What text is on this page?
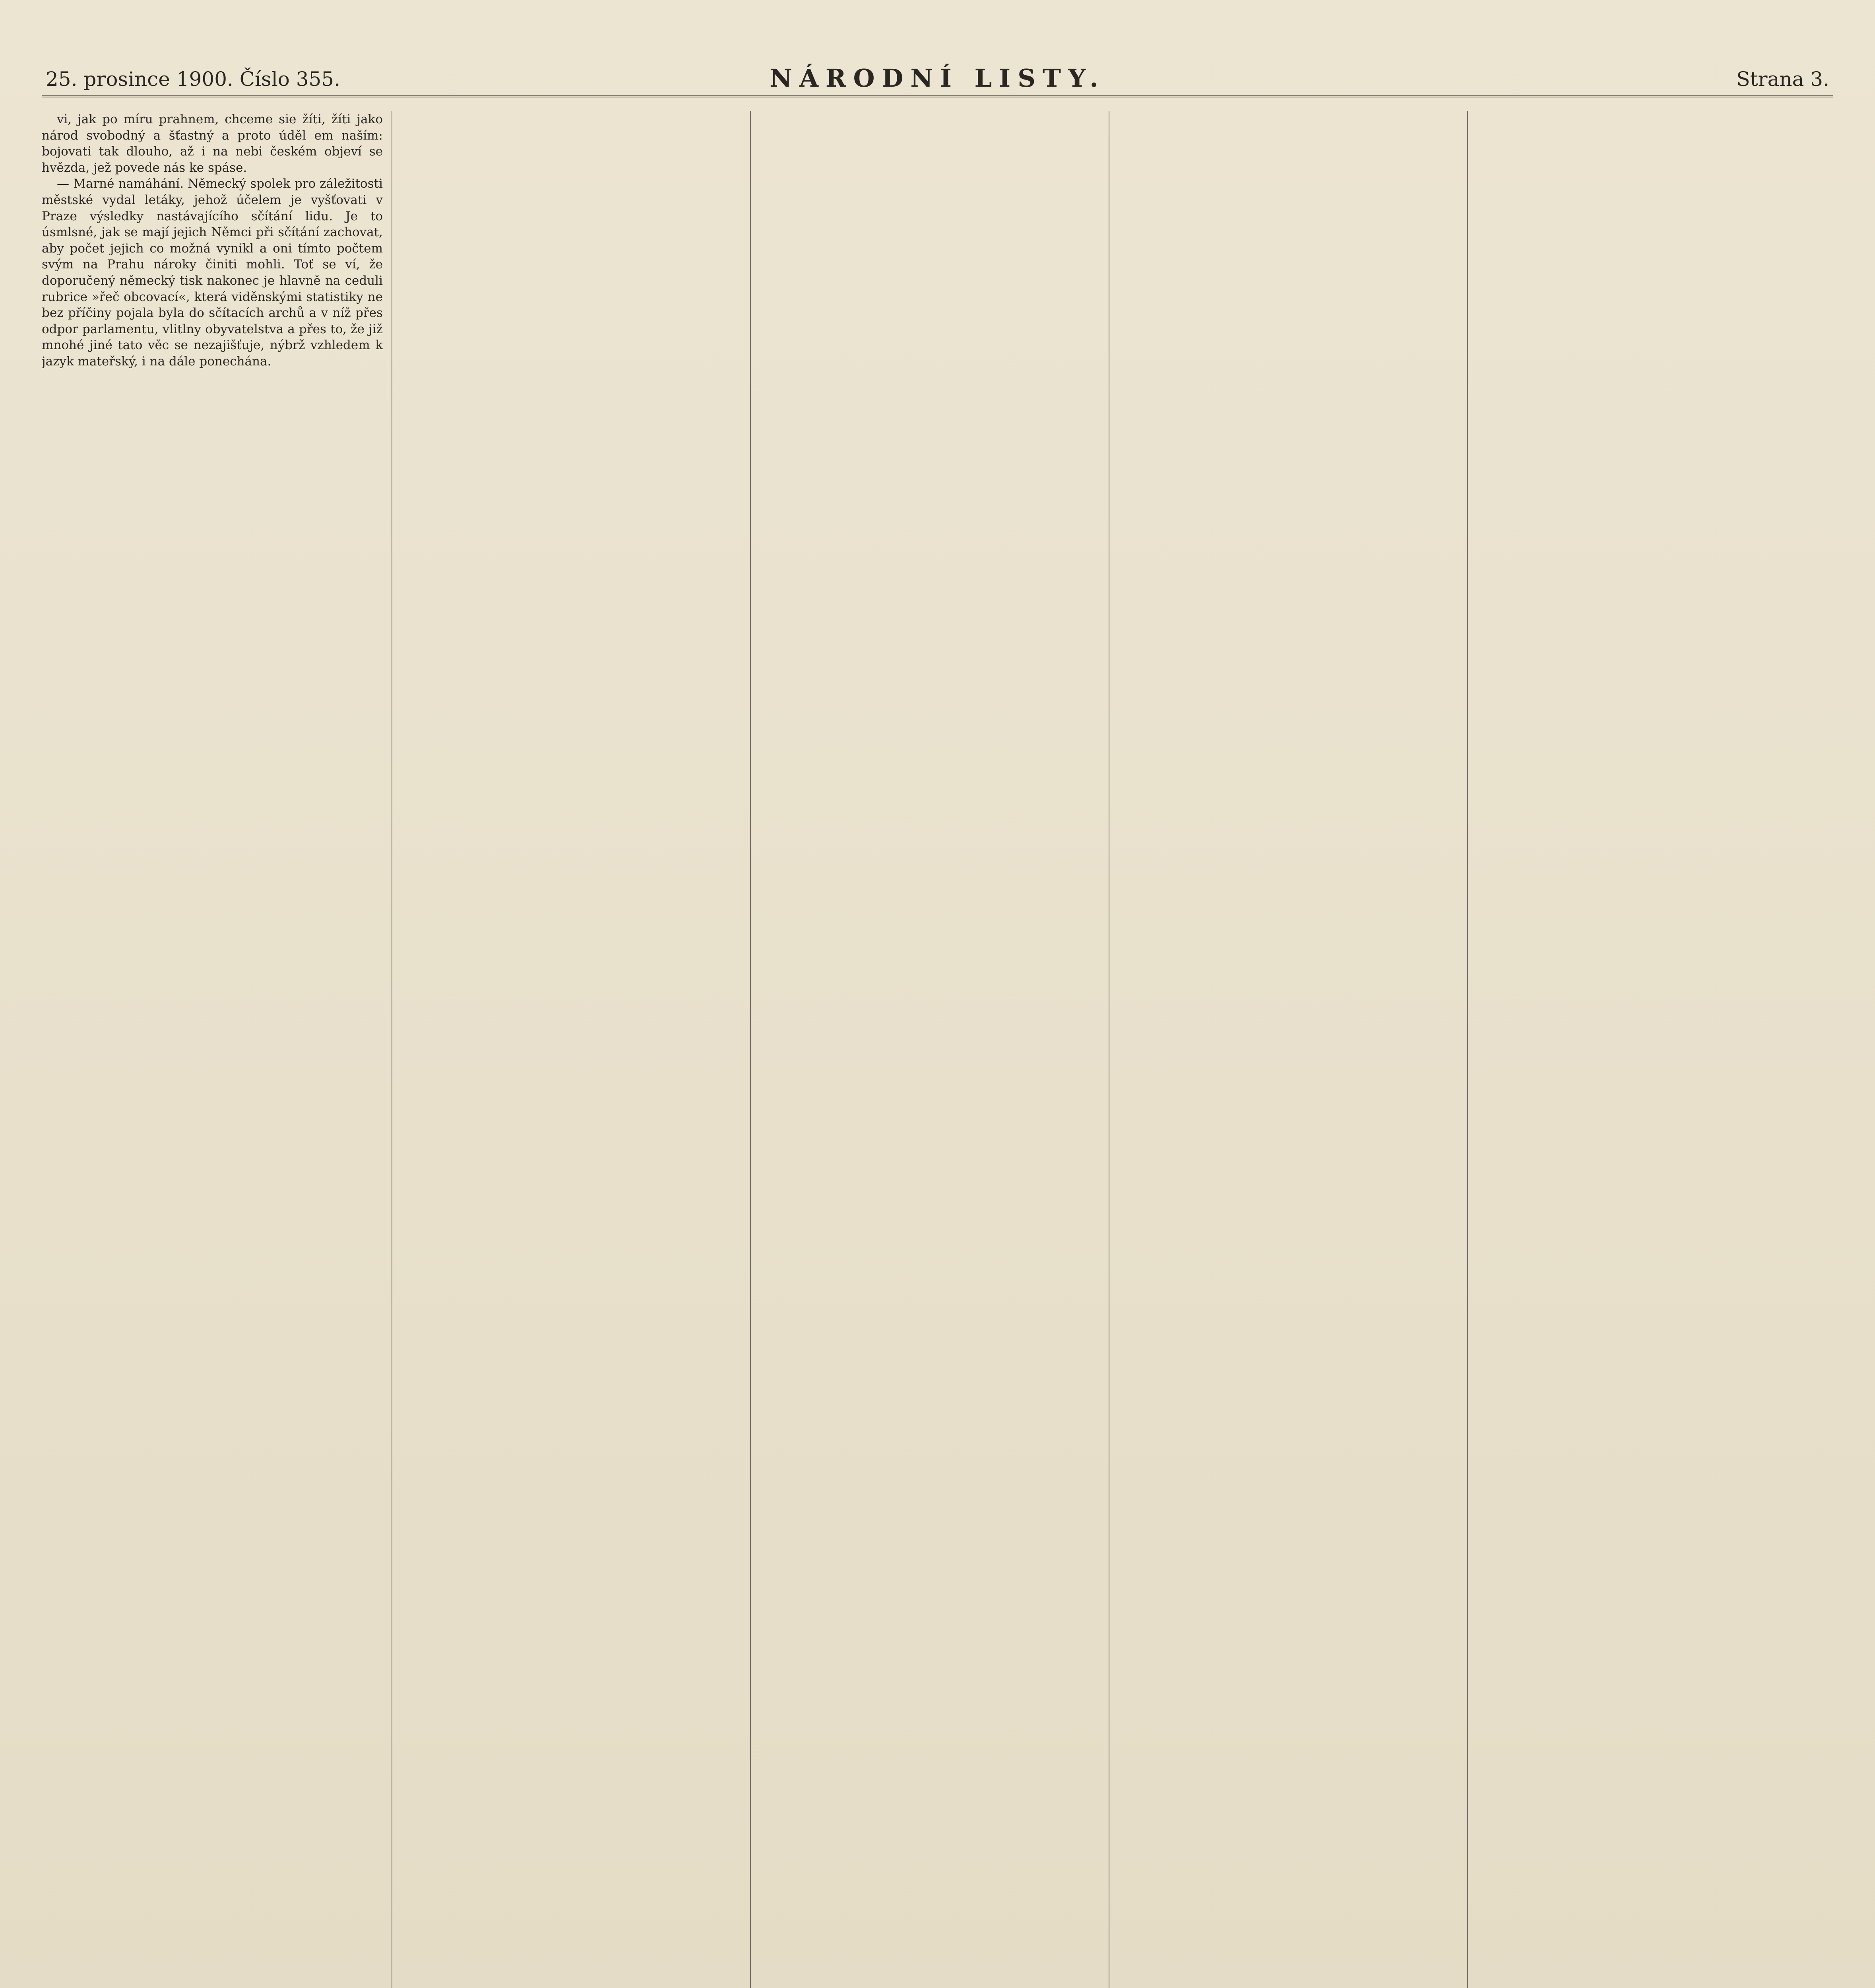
25. prosince 1900. Číslo 355.	NÁRODNÍ LISTY.	Strana 3.

vi, jak po míru prahnem, chceme sie žíti, žíti jako národ svobodný a šťastný a proto úděl em naším: bojovati tak dlouho, až i na nebi českém objeví se hvězda, jež povede nás ke spáse.

— Marné namáhání. Německý spolek pro záležitosti městské vydal letáky, jehož účelem je vyšťovati v Praze výsledky nastávajícího sčítání lidu. Je to úsmlsné, jak se mají jejich Němci při sčítání zachovat, aby počet jejich co možná vynikl a oni tímto počtem svým na Prahu nároky činiti mohli. Toť se ví, že doporučený německý tisk nakonec je hlavně na ceduli rubrice »řeč obcovací«, která viděnskými statistiky ne bez příčiny pojala byla do sčítacích archů a v níž přes odpor parlamentu, vlitlny obyvatelstva a přes to, že již mnohé jiné tato věc se nezajišťuje, nýbrž vzhledem k jazyk mateřský, i na dále ponechána.
